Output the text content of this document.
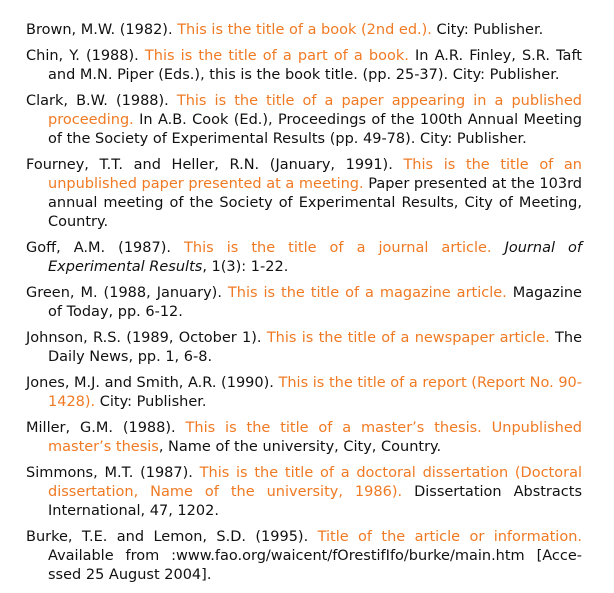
Brown, M.W. (1982). This is the title of a book (2nd ed.). City: Publisher.

Chin, Y. (1988). This is the title of a part of a book. In A.R. Finley, S.R. Taft and M.N. Piper (Eds.), this is the book title. (pp. 25-37). City: Publisher.

Clark, B.W. (1988). This is the title of a paper appearing in a published proceeding. In A.B. Cook (Ed.), Proceedings of the 100th Annual Meeting of the Society of Experimental Results (pp. 49-78). City: Publisher.

Fourney, T.T. and Heller, R.N. (January, 1991). This is the title of an unpublished paper presented at a meeting. Paper presented at the 103rd annual meeting of the Society of Experimental Results, City of Meeting, Country.

Goff, A.M. (1987). This is the title of a journal article. Journal of Experimental Results, 1(3): 1-22.

Green, M. (1988, January). This is the title of a magazine article. Magazine of Today, pp. 6-12.

Johnson, R.S. (1989, October 1). This is the title of a newspaper article. The Daily News, pp. 1, 6-8.

Jones, M.J. and Smith, A.R. (1990). This is the title of a report (Report No. 90- 1428). City: Publisher.

Miller, G.M. (1988). This is the title of a master’s thesis. Unpublished master’s thesis, Name of the university, City, Country.

Simmons, M.T. (1987). This is the title of a doctoral dissertation (Doctoral dissertation, Name of the university, 1986). Dissertation Abstracts International, 47, 1202.

Burke, T.E. and Lemon, S.D. (1995). Title of the article or information. Available from :www.fao.org/waicent/fOrestifIfo/burke/main.htm [Acce-ssed 25 August 2004].
